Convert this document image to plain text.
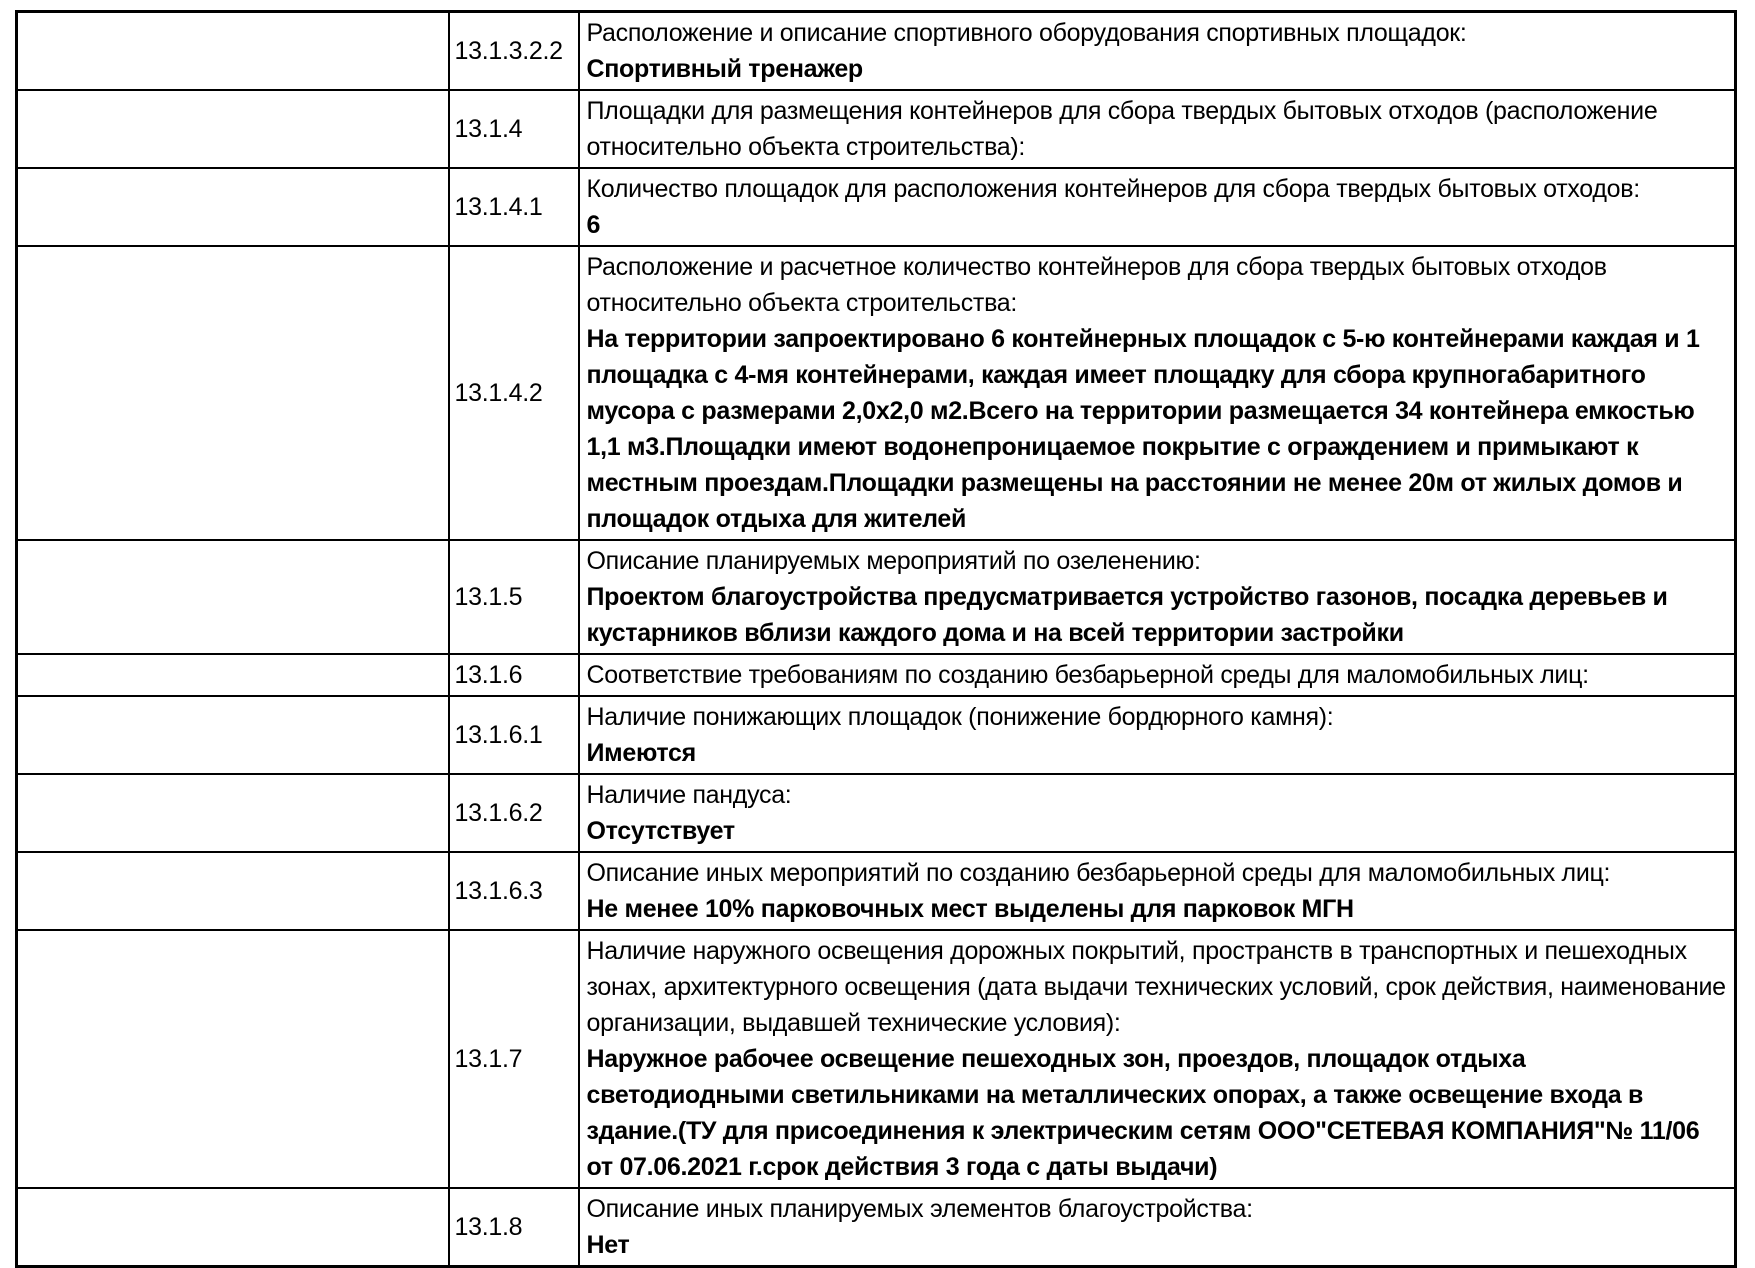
	13.1.3.2.2	Расположение и описание спортивного оборудования спортивных площадок:
Спортивный тренажер

	13.1.4	Площадки для размещения контейнеров для сбора твердых бытовых отходов (расположение относительно объекта строительства):

	13.1.4.1	Количество площадок для расположения контейнеров для сбора твердых бытовых отходов:
6

	13.1.4.2	Расположение и расчетное количество контейнеров для сбора твердых бытовых отходов относительно объекта строительства:
На территории запроектировано 6 контейнерных площадок с 5-ю контейнерами каждая и 1 площадка с 4-мя контейнерами, каждая имеет площадку для сбора крупногабаритного мусора с размерами 2,0х2,0 м2.Всего на территории размещается 34 контейнера емкостью 1,1 м3.Площадки имеют водонепроницаемое покрытие с ограждением и примыкают к местным проездам.Площадки размещены на расстоянии не менее 20м от жилых домов и площадок отдыха для жителей

	13.1.5	Описание планируемых мероприятий по озеленению:
Проектом благоустройства предусматривается устройство газонов, посадка деревьев и кустарников вблизи каждого дома и на всей территории застройки

	13.1.6	Соответствие требованиям по созданию безбарьерной среды для маломобильных лиц:

	13.1.6.1	Наличие понижающих площадок (понижение бордюрного камня):
Имеются

	13.1.6.2	Наличие пандуса:
Отсутствует

	13.1.6.3	Описание иных мероприятий по созданию безбарьерной среды для маломобильных лиц:
Не менее 10% парковочных мест выделены для парковок МГН

	13.1.7	Наличие наружного освещения дорожных покрытий, пространств в транспортных и пешеходных зонах, архитектурного освещения (дата выдачи технических условий, срок действия, наименование организации, выдавшей технические условия):
Наружное рабочее освещение пешеходных зон, проездов, площадок отдыха светодиодными светильниками на металлических опорах, а также освещение входа в здание.(ТУ для присоединения к электрическим сетям ООО"СЕТЕВАЯ КОМПАНИЯ"№ 11/06 от 07.06.2021 г.срок действия 3 года с даты выдачи)

	13.1.8	Описание иных планируемых элементов благоустройства:
Нет
